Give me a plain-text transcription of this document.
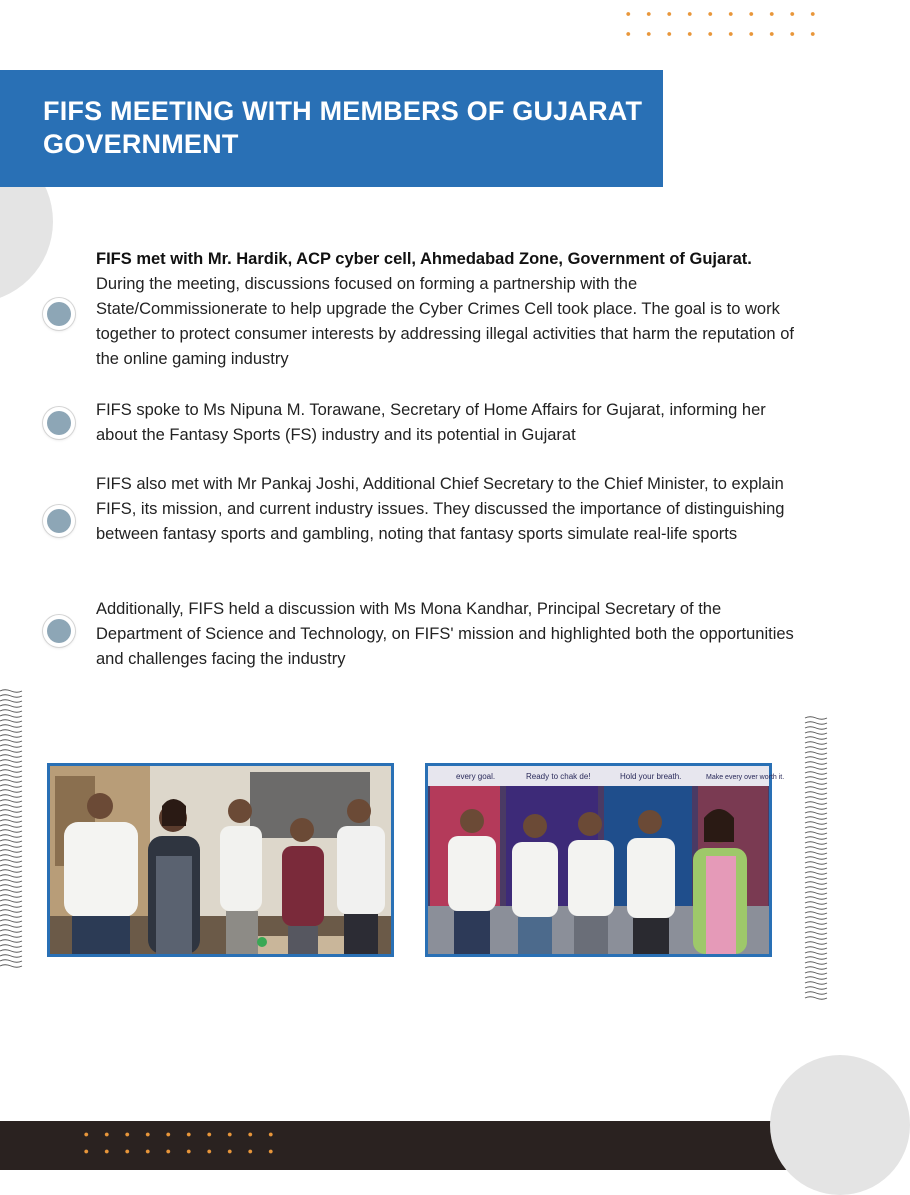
FIFS MEETING WITH MEMBERS OF GUJARAT GOVERNMENT

FIFS met with Mr. Hardik, ACP cyber cell, Ahmedabad Zone, Government of Gujarat. During the meeting, discussions focused on forming a partnership with the State/Commissionerate to help upgrade the Cyber Crimes Cell took place. The goal is to work together to protect consumer interests by addressing illegal activities that harm the reputation of the online gaming industry

FIFS spoke to Ms Nipuna M. Torawane, Secretary of Home Affairs for Gujarat, informing her about the Fantasy Sports (FS) industry and its potential in Gujarat

FIFS also met with Mr Pankaj Joshi, Additional Chief Secretary to the Chief Minister, to explain FIFS, its mission, and current industry issues. They discussed the importance of distinguishing between fantasy sports and gambling, noting that fantasy sports simulate real-life sports

Additionally, FIFS held a discussion with Ms Mona Kandhar, Principal Secretary of the Department of Science and Technology, on FIFS' mission and highlighted both the opportunities and challenges facing the industry

every goal.	Ready to chak de!	Hold your breath.	Make every over worth it.
